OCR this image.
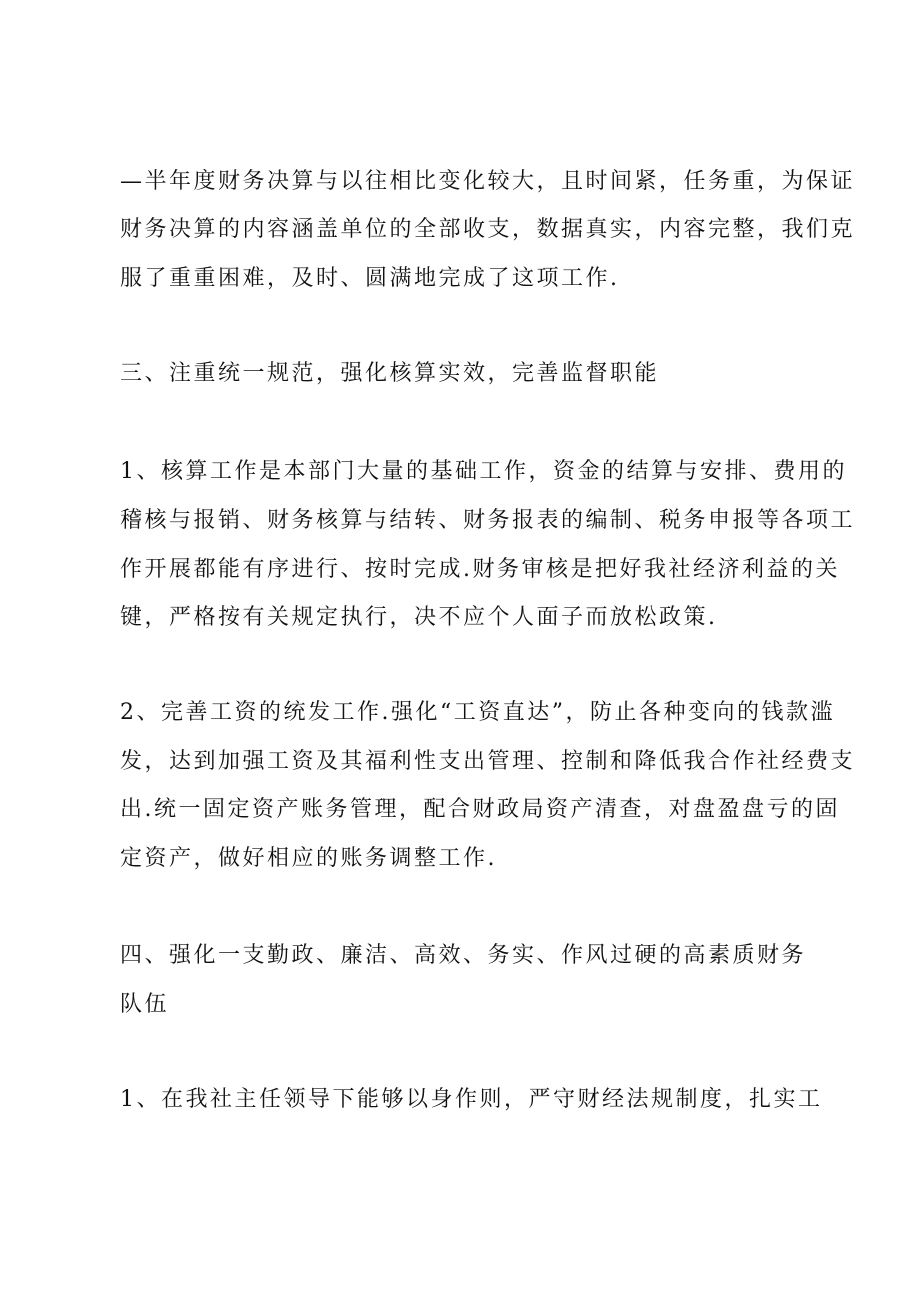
—半年度财务决算与以往相比变化较大，且时间紧，任务重，为保证
财务决算的内容涵盖单位的全部收支，数据真实，内容完整，我们克
服了重重困难，及时、圆满地完成了这项工作.
三、注重统一规范，强化核算实效，完善监督职能
1、核算工作是本部门大量的基础工作，资金的结算与安排、费用的
稽核与报销、财务核算与结转、财务报表的编制、税务申报等各项工
作开展都能有序进行、按时完成.财务审核是把好我社经济利益的关
键，严格按有关规定执行，决不应个人面子而放松政策.
2、完善工资的统发工作.强化“工资直达”，防止各种变向的钱款滥
发，达到加强工资及其福利性支出管理、控制和降低我合作社经费支
出.统一固定资产账务管理，配合财政局资产清查，对盘盈盘亏的固
定资产，做好相应的账务调整工作.
四、强化一支勤政、廉洁、高效、务实、作风过硬的高素质财务
队伍
1、在我社主任领导下能够以身作则，严守财经法规制度，扎实工
